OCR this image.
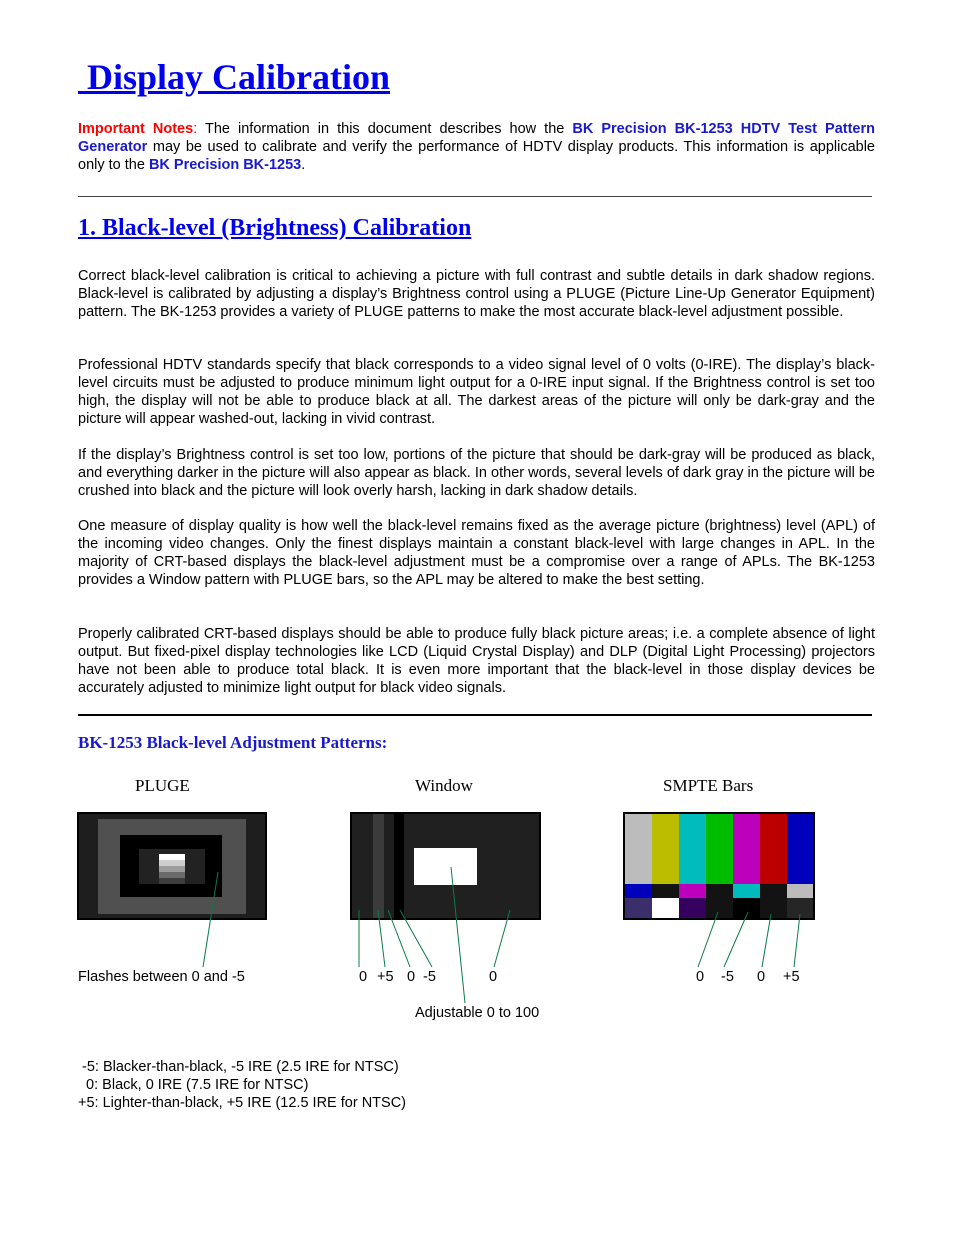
Display Calibration

Important Notes: The information in this document describes how the BK Precision BK-1253 HDTV Test Pattern Generator may be used to calibrate and verify the performance of HDTV display products. This information is applicable only to the BK Precision BK-1253.

1. Black-level (Brightness) Calibration

Correct black-level calibration is critical to achieving a picture with full contrast and subtle details in dark shadow regions. Black-level is calibrated by adjusting a display’s Brightness control using a PLUGE (Picture Line-Up Generator Equipment) pattern. The BK-1253 provides a variety of PLUGE patterns to make the most accurate black-level adjustment possible.

Professional HDTV standards specify that black corresponds to a video signal level of 0 volts (0-IRE). The display’s black-level circuits must be adjusted to produce minimum light output for a 0-IRE input signal. If the Brightness control is set too high, the display will not be able to produce black at all. The darkest areas of the picture will only be dark-gray and the picture will appear washed-out, lacking in vivid contrast.

If the display’s Brightness control is set too low, portions of the picture that should be dark-gray will be produced as black, and everything darker in the picture will also appear as black. In other words, several levels of dark gray in the picture will be crushed into black and the picture will look overly harsh, lacking in dark shadow details.

One measure of display quality is how well the black-level remains fixed as the average picture (brightness) level (APL) of the incoming video changes. Only the finest displays maintain a constant black-level with large changes in APL. In the majority of CRT-based displays the black-level adjustment must be a compromise over a range of APLs. The BK-1253 provides a Window pattern with PLUGE bars, so the APL may be altered to make the best setting.

Properly calibrated CRT-based displays should be able to produce fully black picture areas; i.e. a complete absence of light output. But fixed-pixel display technologies like LCD (Liquid Crystal Display) and DLP (Digital Light Processing) projectors have not been able to produce total black. It is even more important that the black-level in those display devices be accurately adjusted to minimize light output for black video signals.

BK-1253 Black-level Adjustment Patterns:
PLUGE	Window	SMPTE Bars
Flashes between 0 and -5	0 +5 0 -5	0
Adjustable 0 to 100
0 -5 0 +5
-5: Blacker-than-black, -5 IRE (2.5 IRE for NTSC)
0: Black, 0 IRE (7.5 IRE for NTSC)
+5: Lighter-than-black, +5 IRE (12.5 IRE for NTSC)
